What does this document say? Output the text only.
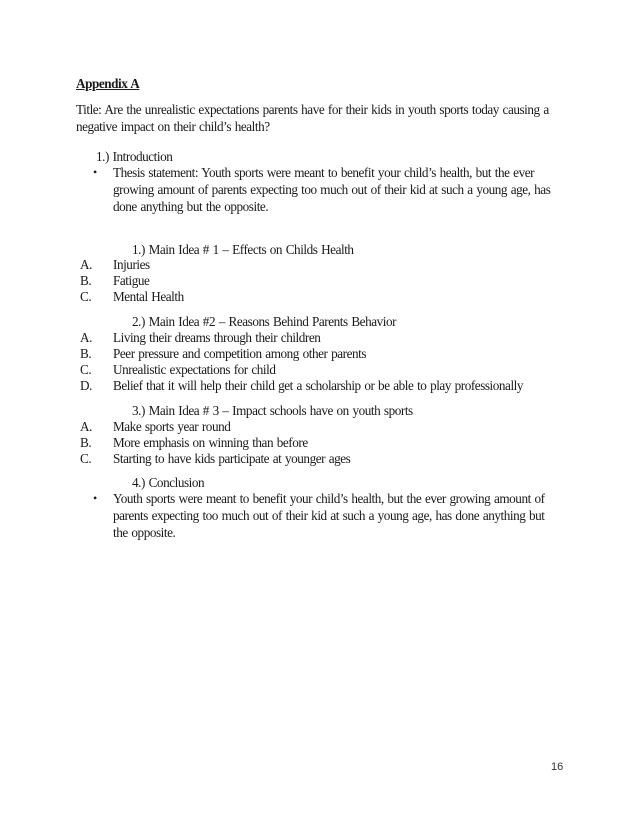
Appendix A
Title: Are the unrealistic expectations parents have for their kids in youth sports today causing a
negative impact on their child’s health?
1.) Introduction
• Thesis statement: Youth sports were meant to benefit your child’s health, but the ever
growing amount of parents expecting too much out of their kid at such a young age, has
done anything but the opposite.
1.) Main Idea # 1 – Effects on Childs Health
A. Injuries
B. Fatigue
C. Mental Health
2.) Main Idea #2 – Reasons Behind Parents Behavior
A. Living their dreams through their children
B. Peer pressure and competition among other parents
C. Unrealistic expectations for child
D. Belief that it will help their child get a scholarship or be able to play professionally
3.) Main Idea # 3 – Impact schools have on youth sports
A. Make sports year round
B. More emphasis on winning than before
C. Starting to have kids participate at younger ages
4.) Conclusion
• Youth sports were meant to benefit your child’s health, but the ever growing amount of
parents expecting too much out of their kid at such a young age, has done anything but
the opposite.
16
